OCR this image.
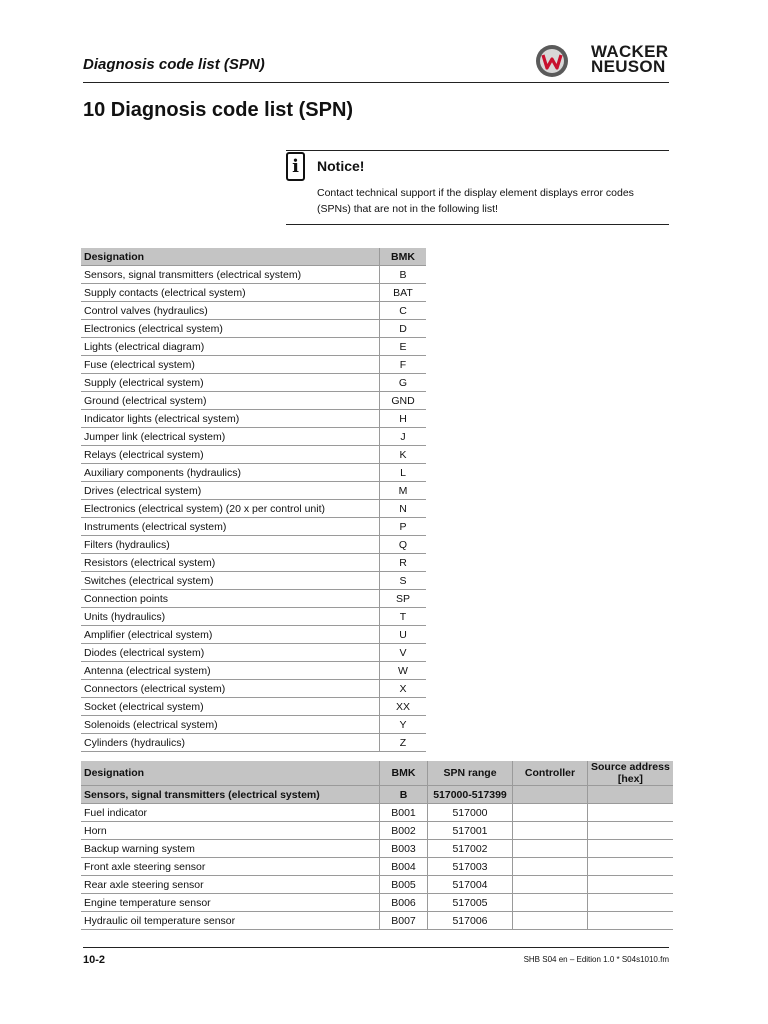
Diagnosis code list (SPN)
WACKER
NEUSON
10 Diagnosis code list (SPN)
i	Notice!
Contact technical support if the display element displays error codes (SPNs) that are not in the following list!
Designation	BMK
Sensors, signal transmitters (electrical system)	B
Supply contacts (electrical system)	BAT
Control valves (hydraulics)	C
Electronics (electrical system)	D
Lights (electrical diagram)	E
Fuse (electrical system)	F
Supply (electrical system)	G
Ground (electrical system)	GND
Indicator lights (electrical system)	H
Jumper link (electrical system)	J
Relays (electrical system)	K
Auxiliary components (hydraulics)	L
Drives (electrical system)	M
Electronics (electrical system) (20 x per control unit)	N
Instruments (electrical system)	P
Filters (hydraulics)	Q
Resistors (electrical system)	R
Switches (electrical system)	S
Connection points	SP
Units (hydraulics)	T
Amplifier (electrical system)	U
Diodes (electrical system)	V
Antenna (electrical system)	W
Connectors (electrical system)	X
Socket (electrical system)	XX
Solenoids (electrical system)	Y
Cylinders (hydraulics)	Z
Designation	BMK	SPN range	Controller	Source address
[hex]

Sensors, signal transmitters (electrical system)	B	517000-517399		
Fuel indicator	B001	517000		
Horn	B002	517001		
Backup warning system	B003	517002		
Front axle steering sensor	B004	517003		
Rear axle steering sensor	B005	517004		
Engine temperature sensor	B006	517005		
Hydraulic oil temperature sensor	B007	517006		
10-2	SHB S04 en – Edition 1.0 * S04s1010.fm
